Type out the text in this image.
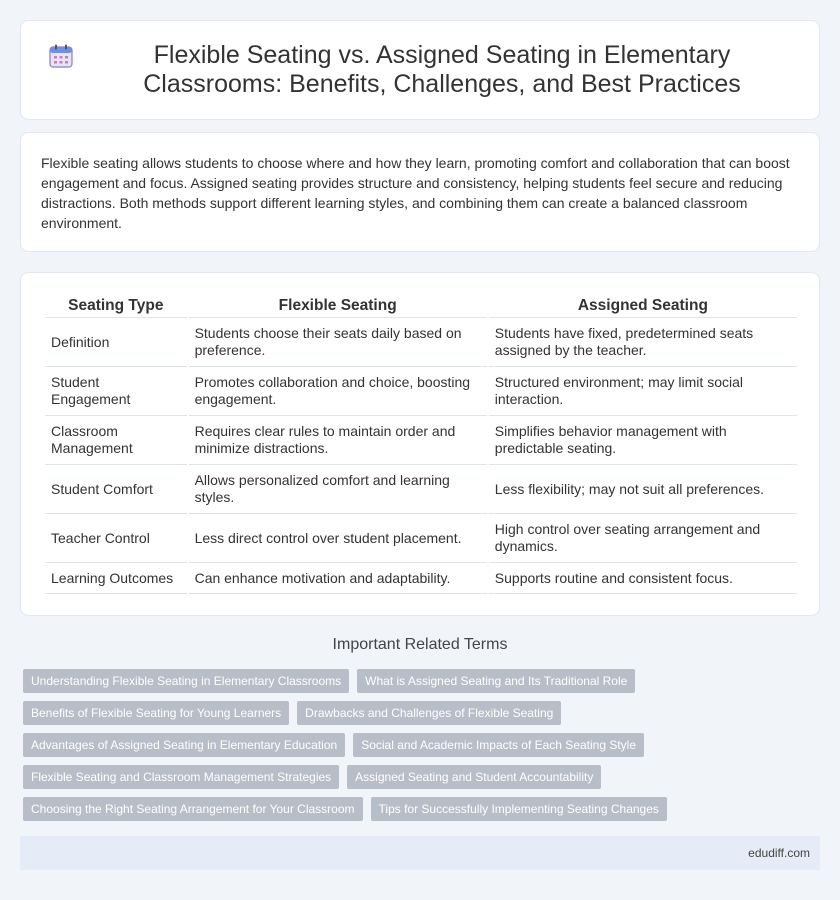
Flexible Seating vs. Assigned Seating in Elementary Classrooms: Benefits, Challenges, and Best Practices

Flexible seating allows students to choose where and how they learn, promoting comfort and collaboration that can boost engagement and focus. Assigned seating provides structure and consistency, helping students feel secure and reducing distractions. Both methods support different learning styles, and combining them can create a balanced classroom environment.

Seating Type	Flexible Seating	Assigned Seating
Definition	Students choose their seats daily based on preference.	Students have fixed, predetermined seats assigned by the teacher.
Student Engagement	Promotes collaboration and choice, boosting engagement.	Structured environment; may limit social interaction.
Classroom Management	Requires clear rules to maintain order and minimize distractions.	Simplifies behavior management with predictable seating.
Student Comfort	Allows personalized comfort and learning styles.	Less flexibility; may not suit all preferences.
Teacher Control	Less direct control over student placement.	High control over seating arrangement and dynamics.
Learning Outcomes	Can enhance motivation and adaptability.	Supports routine and consistent focus.
Important Related Terms
Understanding Flexible Seating in Elementary Classrooms	What is Assigned Seating and Its Traditional Role
Benefits of Flexible Seating for Young Learners	Drawbacks and Challenges of Flexible Seating
Advantages of Assigned Seating in Elementary Education	Social and Academic Impacts of Each Seating Style
Flexible Seating and Classroom Management Strategies	Assigned Seating and Student Accountability
Choosing the Right Seating Arrangement for Your Classroom	Tips for Successfully Implementing Seating Changes
edudiff.com
